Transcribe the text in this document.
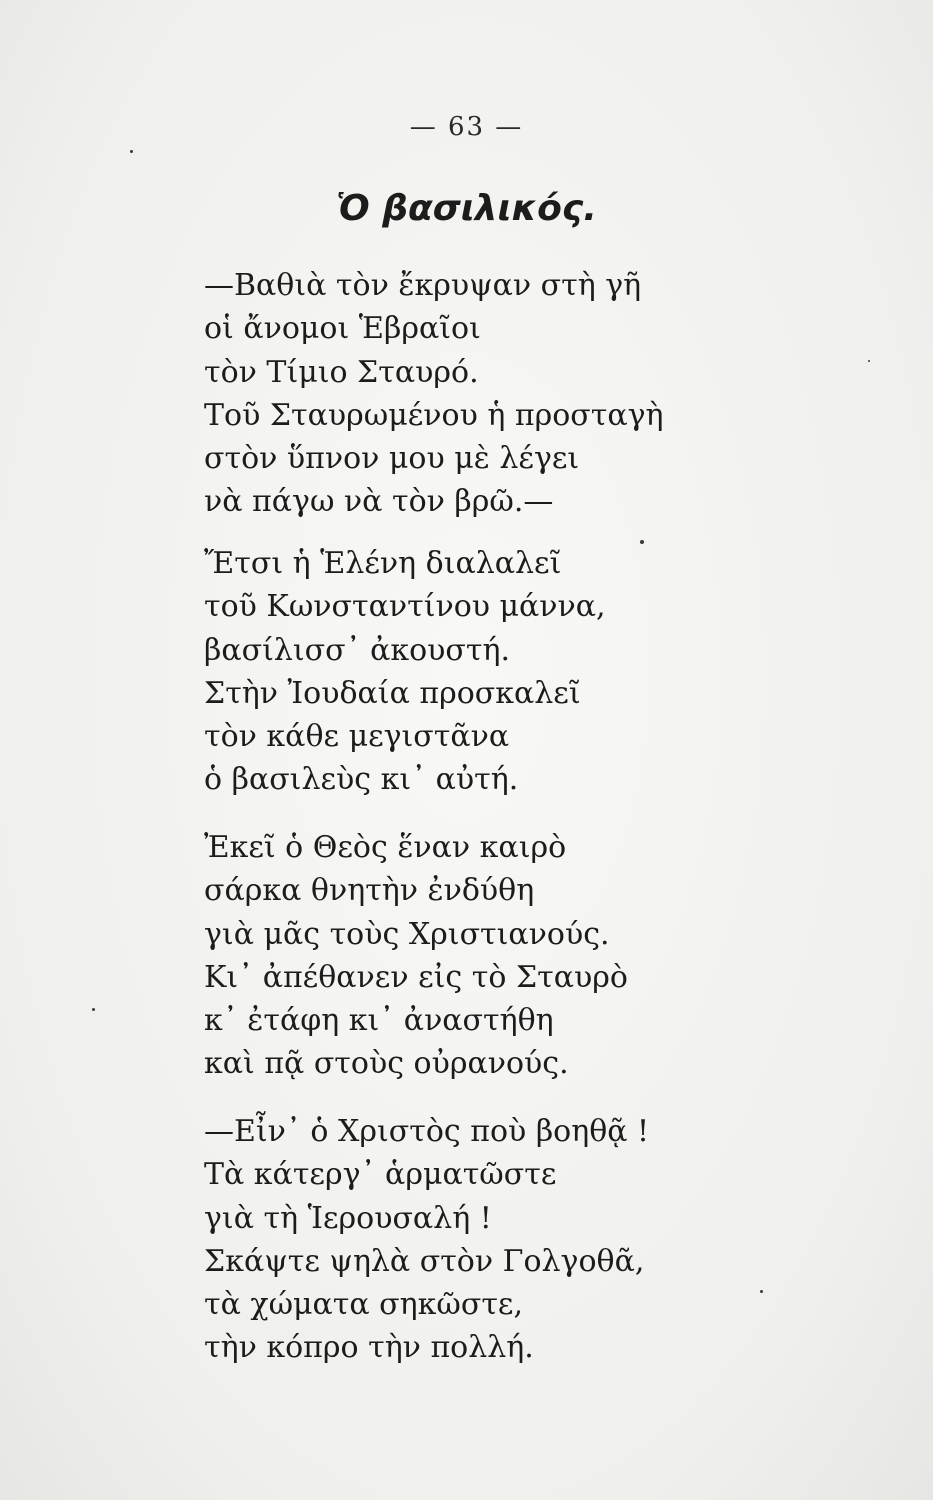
— 63 —
Ὁ βασιλικός.
—Βαθιὰ τὸν ἔκρυψαν στὴ γῆ
οἱ ἄνομοι Ἑβραῖοι
τὸν Τίμιο Σταυρό.
Τοῦ Σταυρωμένου ἡ προσταγὴ
στὸν ὕπνον μου μὲ λέγει
νὰ πάγω νὰ τὸν βρῶ.—
Ἔτσι ἡ Ἑλένη διαλαλεῖ
τοῦ Κωνσταντίνου μάννα,
βασίλισσ᾽ ἀκουστή.
Στὴν Ἰουδαία προσκαλεῖ
τὸν κάθε μεγιστᾶνα
ὁ βασιλεὺς κι᾽ αὐτή.
Ἐκεῖ ὁ Θεὸς ἕναν καιρὸ
σάρκα θνητὴν ἐνδύθη
γιὰ μᾶς τοὺς Χριστιανούς.
Κι᾽ ἀπέθανεν εἰς τὸ Σταυρὸ
κ᾽ ἐτάφη κι᾽ ἀναστήθη
καὶ πᾷ στοὺς οὐρανούς.
—Εἶν᾽ ὁ Χριστὸς ποὺ βοηθᾷ !
Τὰ κάτεργ᾽ ἁρματῶστε
γιὰ τὴ Ἱερουσαλή !
Σκάψτε ψηλὰ στὸν Γολγοθᾶ,
τὰ χώματα σηκῶστε,
τὴν κόπρο τὴν πολλή.
